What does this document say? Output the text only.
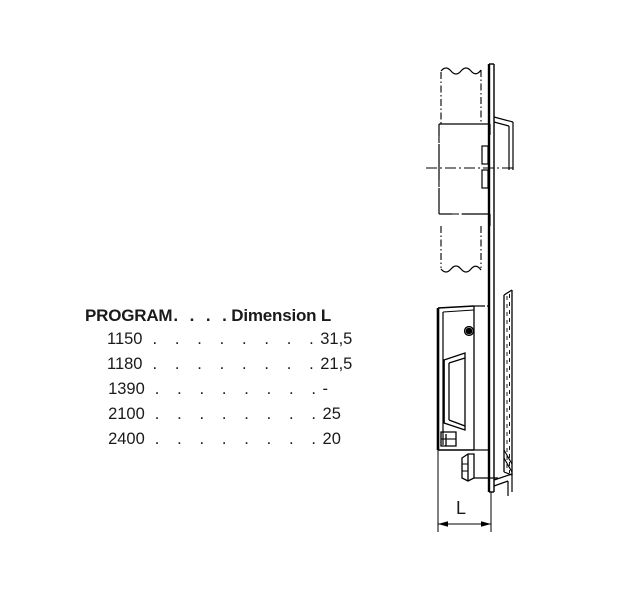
PROGRAM . . . . Dimension L
1150 . . . . . . . . 31,5
1180 . . . . . . . . 21,5
1390 . . . . . . . . -
2100 . . . . . . . . 25
2400 . . . . . . . . 20
L
